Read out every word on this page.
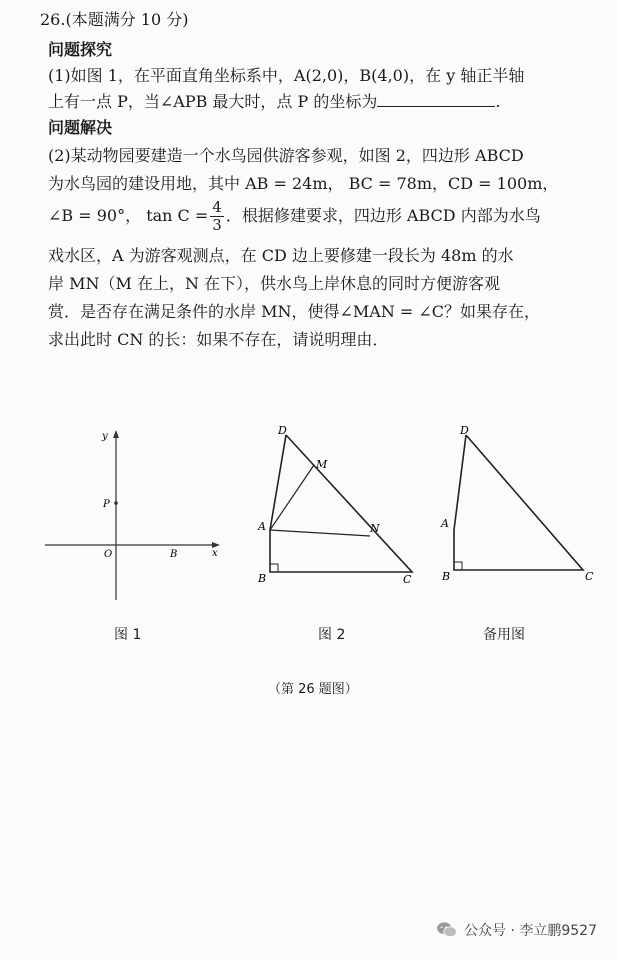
26.(本题满分 10 分)
问题探究
(1)如图 1，在平面直角坐标系中，A(2,0)，B(4,0)，在 y 轴正半轴
上有一点 P，当∠APB 最大时，点 P 的坐标为	.
问题解决
(2)某动物园要建造一个水鸟园供游客参观，如图 2，四边形 ABCD
为水鸟园的建设用地，其中 AB = 24m， BC = 78m，CD = 100m，
∠B = 90°， $\tan C = \frac{4}{3}$ ．根据修建要求，四边形 ABCD 内部为水鸟
戏水区，A 为游客观测点，在 CD 边上要修建一段长为 48m 的水
岸 MN（M 在上，N 在下），供水鸟上岸休息的同时方便游客观
赏．是否存在满足条件的水岸 MN，使得∠MAN = ∠C？如果存在，
求出此时 CN 的长：如果不存在，请说明理由．
y
x
P
O	B
D
M
A	N
B	C
D
A
B	C
图 1	图 2	备用图
（第 26 题图）
公众号 · 李立鹏9527
